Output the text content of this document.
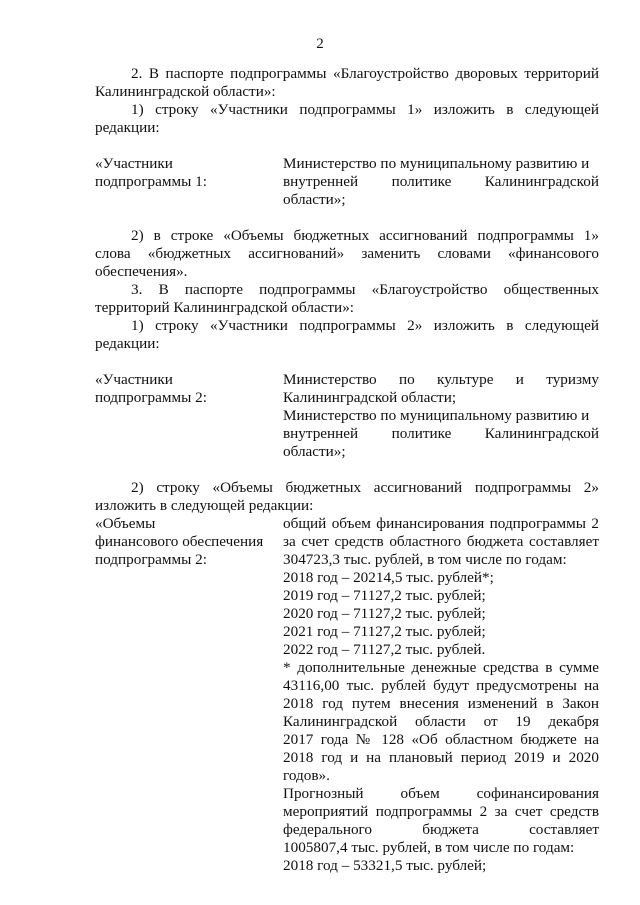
2
2. В паспорте подпрограммы «Благоустройство дворовых территорий
Калининградской области»:
1) строку «Участники подпрограммы 1» изложить в следующей
редакции:
«Участники
подпрограммы 1:
Министерство по муниципальному развитию и
внутренней политике Калининградской
области»;
2) в строке «Объемы бюджетных ассигнований подпрограммы 1»
слова «бюджетных ассигнований» заменить словами «финансового
обеспечения».
3. В паспорте подпрограммы «Благоустройство общественных
территорий Калининградской области»:
1) строку «Участники подпрограммы 2» изложить в следующей
редакции:
«Участники
подпрограммы 2:
Министерство по культуре и туризму
Калининградской области;
Министерство по муниципальному развитию и
внутренней политике Калининградской
области»;
2) строку «Объемы бюджетных ассигнований подпрограммы 2»
изложить в следующей редакции:
«Объемы
финансового обеспечения
подпрограммы 2:
общий объем финансирования подпрограммы 2
за счет средств областного бюджета составляет
304723,3 тыс. рублей, в том числе по годам:
2018 год – 20214,5 тыс. рублей*;
2019 год – 71127,2 тыс. рублей;
2020 год – 71127,2 тыс. рублей;
2021 год – 71127,2 тыс. рублей;
2022 год – 71127,2 тыс. рублей.
* дополнительные денежные средства в сумме
43116,00 тыс. рублей будут предусмотрены на
2018 год путем внесения изменений в Закон
Калининградской области от 19 декабря
2017 года № 128 «Об областном бюджете на
2018 год и на плановый период 2019 и 2020
годов».
Прогнозный объем софинансирования
мероприятий подпрограммы 2 за счет средств
федерального бюджета составляет
1005807,4 тыс. рублей, в том числе по годам:
2018 год – 53321,5 тыс. рублей;
